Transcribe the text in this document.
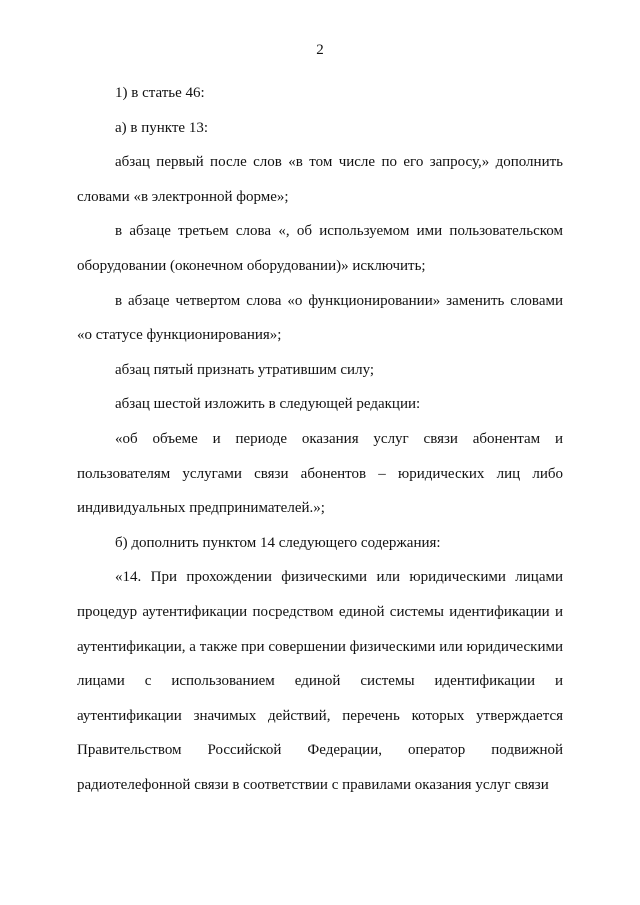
2

1) в статье 46:

а) в пункте 13:

абзац первый после слов «в том числе по его запросу,» дополнить словами «в электронной форме»;

в абзаце третьем слова «, об используемом ими пользовательском оборудовании (оконечном оборудовании)» исключить;

в абзаце четвертом слова «о функционировании» заменить словами «о статусе функционирования»;

абзац пятый признать утратившим силу;

абзац шестой изложить в следующей редакции:

«об объеме и периоде оказания услуг связи абонентам и пользователям услугами связи абонентов – юридических лиц либо индивидуальных предпринимателей.»;

б) дополнить пунктом 14 следующего содержания:

«14. При прохождении физическими или юридическими лицами процедур аутентификации посредством единой системы идентификации и аутентификации, а также при совершении физическими или юридическими лицами с использованием единой системы идентификации и аутентификации значимых действий, перечень которых утверждается Правительством Российской Федерации, оператор подвижной радиотелефонной связи в соответствии с правилами оказания услуг связи
